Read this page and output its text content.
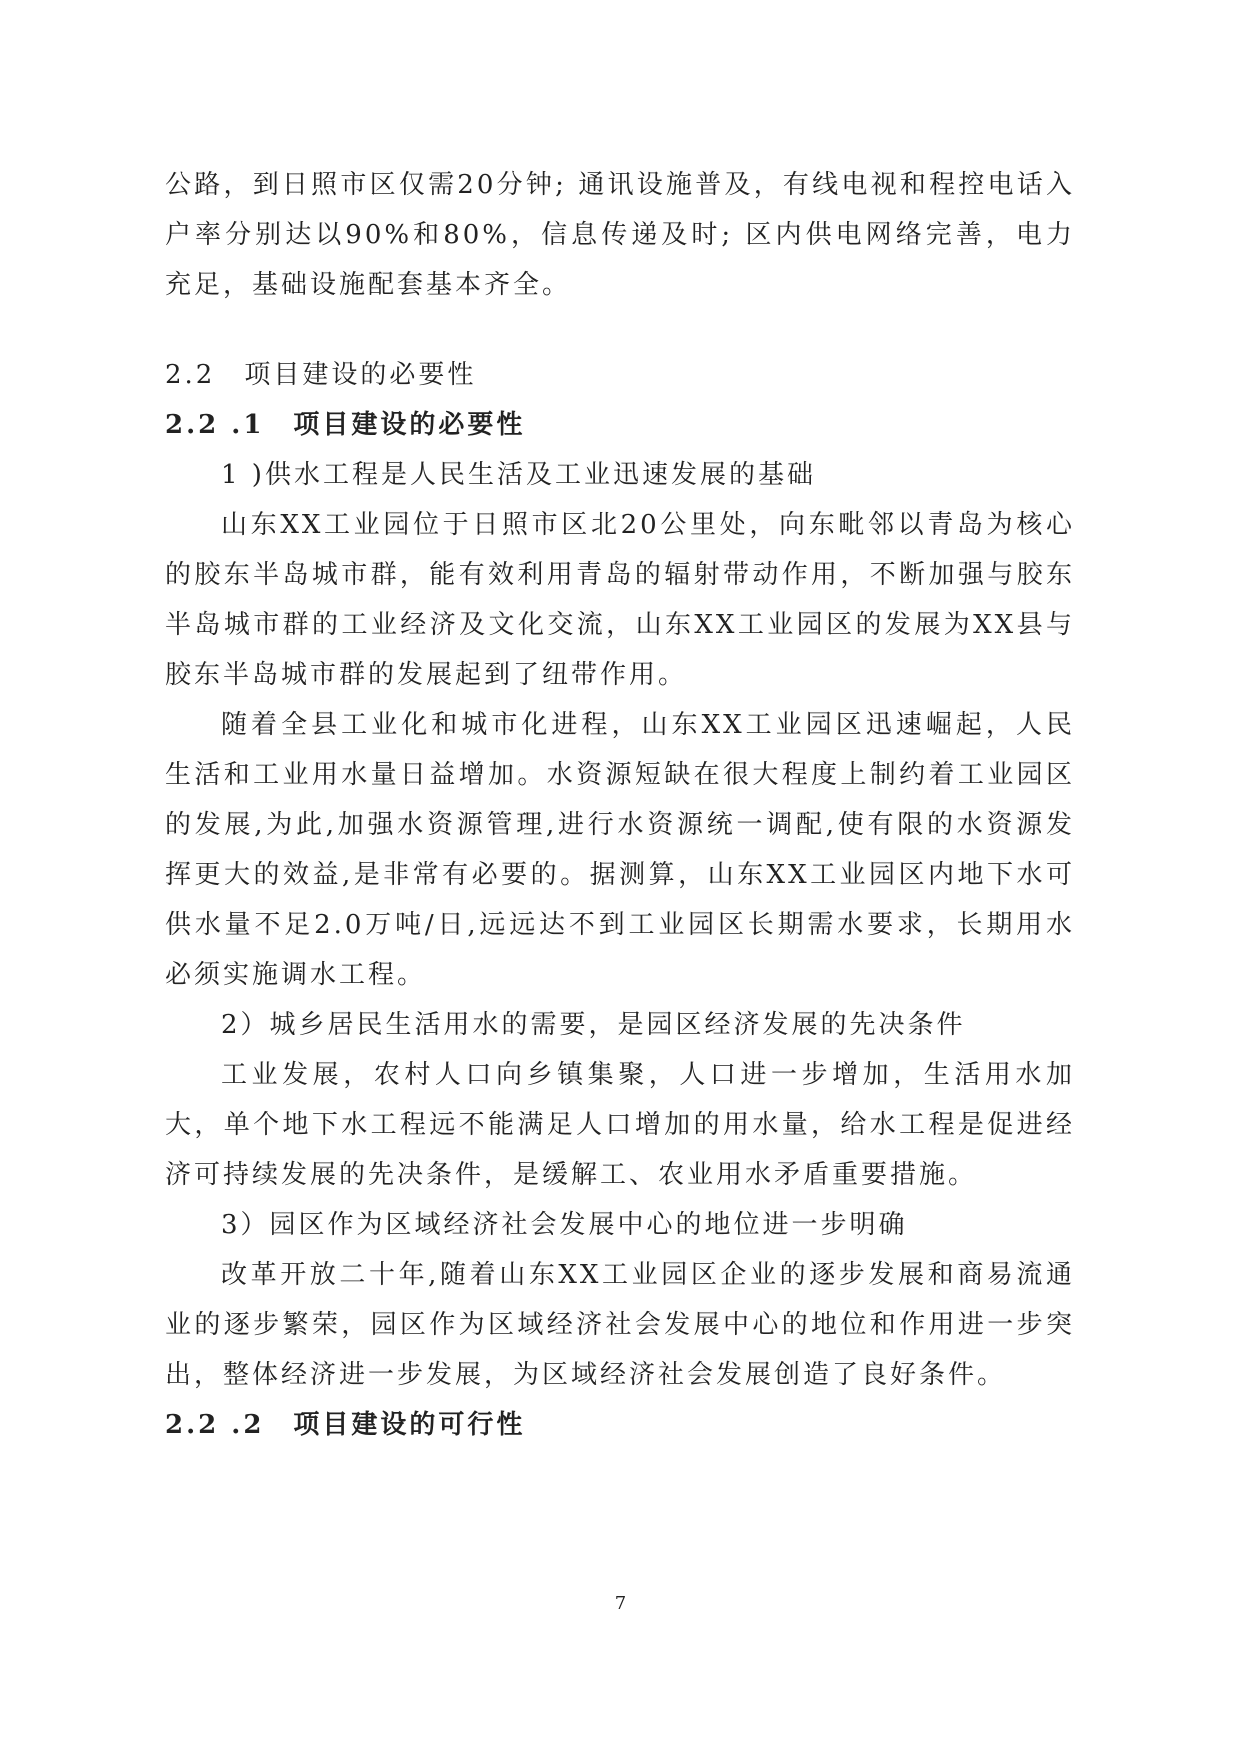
公路，到日照市区仅需20分钟; 通讯设施普及，有线电视和程控电话入户率分别达以90%和80%，信息传递及时; 区内供电网络完善，电力充足，基础设施配套基本齐全。

2.2　项目建设的必要性

2.2 .1　项目建设的必要性

1 )供水工程是人民生活及工业迅速发展的基础

山东XX工业园位于日照市区北20公里处，向东毗邻以青岛为核心的胶东半岛城市群，能有效利用青岛的辐射带动作用，不断加强与胶东半岛城市群的工业经济及文化交流，山东XX工业园区的发展为XX县与胶东半岛城市群的发展起到了纽带作用。

随着全县工业化和城市化进程，山东XX工业园区迅速崛起，人民生活和工业用水量日益增加。水资源短缺在很大程度上制约着工业园区的发展,为此,加强水资源管理,进行水资源统一调配,使有限的水资源发挥更大的效益,是非常有必要的。据测算，山东XX工业园区内地下水可供水量不足2.0万吨/日,远远达不到工业园区长期需水要求，长期用水必须实施调水工程。

2）城乡居民生活用水的需要，是园区经济发展的先决条件

工业发展，农村人口向乡镇集聚，人口进一步增加，生活用水加大，单个地下水工程远不能满足人口增加的用水量，给水工程是促进经济可持续发展的先决条件，是缓解工、农业用水矛盾重要措施。

3）园区作为区域经济社会发展中心的地位进一步明确

改革开放二十年,随着山东XX工业园区企业的逐步发展和商易流通业的逐步繁荣，园区作为区域经济社会发展中心的地位和作用进一步突出，整体经济进一步发展，为区域经济社会发展创造了良好条件。

2.2 .2　项目建设的可行性

7
